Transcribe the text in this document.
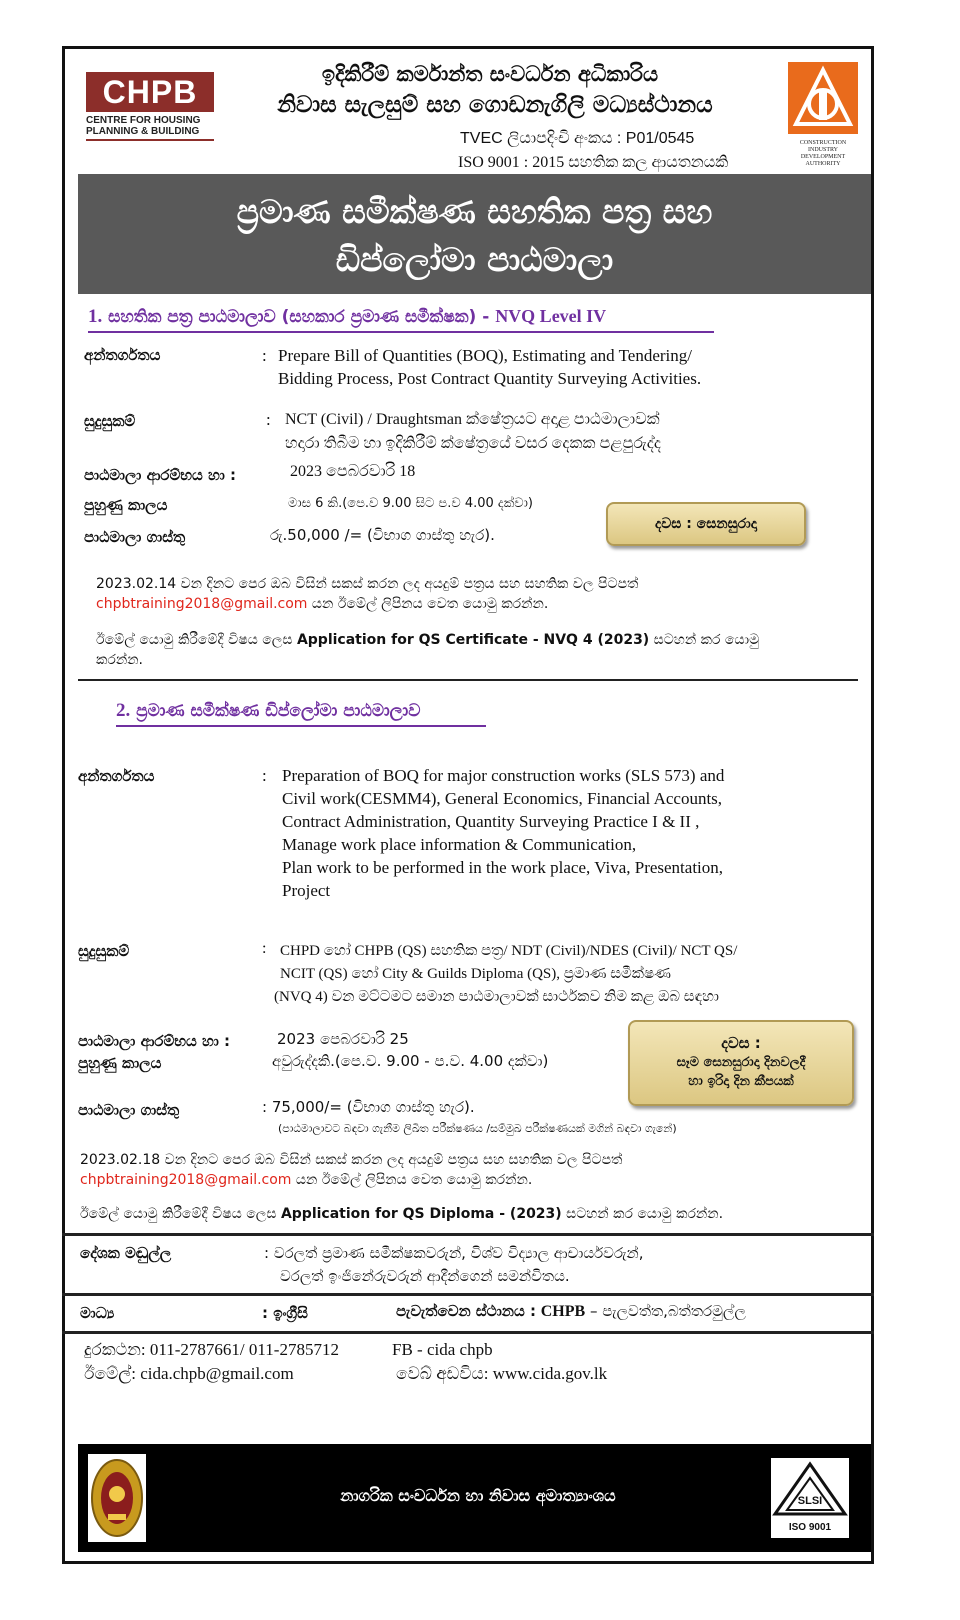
CHPB
CENTRE FOR HOUSING
PLANNING & BUILDING
CONSTRUCTION INDUSTRY DEVELOPMENT AUTHORITY
ඉදිකිරීම් කර්මාන්ත සංවර්ධන අධිකාරිය
නිවාස සැලසුම් සහ ගොඩනැගිලි මධ්‍යස්ථානය
TVEC ලියාපදිංචි අංකය : P01/0545
ISO 9001 : 2015 සහතික කල ආයතනයකි
ප්‍රමාණ සමීක්ෂණ සහතික පත්‍ර සහ
ඩිප්ලෝමා පාඨමාලා
1. සහතික පත්‍ර පාඨමාලාව (සහකාර ප්‍රමාණ සමීක්ෂක) - NVQ Level IV
අන්තර්ගතය	: Prepare Bill of Quantities (BOQ), Estimating and Tendering/
Bidding Process, Post Contract Quantity Surveying Activities.
සුදුසුකම්	: NCT (Civil) / Draughtsman ක්ෂේත්‍රයට අදාළ පාඨමාලාවක්
හදාරා තිබීම හා ඉදිකිරීම් ක්ෂේත්‍රයේ වසර දෙකක පළපුරුද්ද
පාඨමාලා ආරම්භය හා :	2023 පෙබරවාරි 18
පුහුණු කාලය	මාස 6 කි.(පෙ.ව 9.00 සිට ප.ව 4.00 දක්වා)
පාඨමාලා ගාස්තු	රු.50,000 /= (විභාග ගාස්තු හැර).
දවස : සෙනසුරාදා
2023.02.14 වන දිනට පෙර ඔබ විසින් සකස් කරන ලද අයදුම් පත්‍රය සහ සහතික වල පිටපත්
chpbtraining2018@gmail.com යන ඊමේල් ලිපිනය වෙත යොමු කරන්න.
ඊමේල් යොමු කිරීමේදී විෂය ලෙස Application for QS Certificate - NVQ 4 (2023) සටහන් කර යොමු
කරන්න.
2. ප්‍රමාණ සමීක්ෂණ ඩිප්ලෝමා පාඨමාලාව
අන්තර්ගතය	: Preparation of BOQ for major construction works (SLS 573) and
Civil work(CESMM4), General Economics, Financial Accounts,
Contract Administration, Quantity Surveying Practice I & II ,
Manage work place information & Communication,
Plan work to be performed in the work place, Viva, Presentation,
Project
සුදුසුකම්	: CHPD හෝ CHPB (QS) සහතික පත්‍ර/ NDT (Civil)/NDES (Civil)/ NCT QS/
NCIT (QS) හෝ City & Guilds Diploma (QS), ප්‍රමාණ සමීක්ෂණ
(NVQ 4) වන මට්ටමට සමාන පාඨමාලාවක් සාර්ථකව නිම කළ ඔබ සඳහා
පාඨමාලා ආරම්භය හා :	2023 පෙබරවාරි 25
පුහුණු කාලය	අවුරුද්දකි.(පෙ.ව. 9.00 - ප.ව. 4.00 දක්වා)
දවස :
සෑම සෙනසුරාදා දිනවලදී
හා ඉරිදා දින කීපයක්
පාඨමාලා ගාස්තු	: 75,000/= (විභාග ගාස්තු හැර).
(පාඨමාලාවට බඳවා ගැනීම ලිඛිත පරීක්ෂණය /සම්මුඛ පරීක්ෂණයක් මගින් බඳවා ගැනේ)
2023.02.18 වන දිනට පෙර ඔබ විසින් සකස් කරන ලද අයදුම් පත්‍රය සහ සහතික වල පිටපත්
chpbtraining2018@gmail.com යන ඊමේල් ලිපිනය වෙත යොමු කරන්න.
ඊමේල් යොමු කිරීමේදී විෂය ලෙස Application for QS Diploma - (2023) සටහන් කර යොමු කරන්න.
දේශක මඬුල්ල	: වරලත් ප්‍රමාණ සමීක්ෂකවරුන්, විශ්ව විද්‍යාල ආචාර්යවරුන්,
වරලත් ඉංජිනේරුවරුන් ආදීන්ගෙන් සමන්විතය.
මාධ්‍ය	: ඉංග්‍රීසි	පැවැත්වෙන ස්ථානය : CHPB – පැලවත්ත,බත්තරමුල්ල
දුරකථන: 011-2787661/ 011-2785712	FB - cida chpb
ඊමේල්: cida.chpb@gmail.com	වෙබ් අඩවිය: www.cida.gov.lk
නාගරික සංවර්ධන හා නිවාස අමාත්‍යාංශය	SLSI
ISO 9001
